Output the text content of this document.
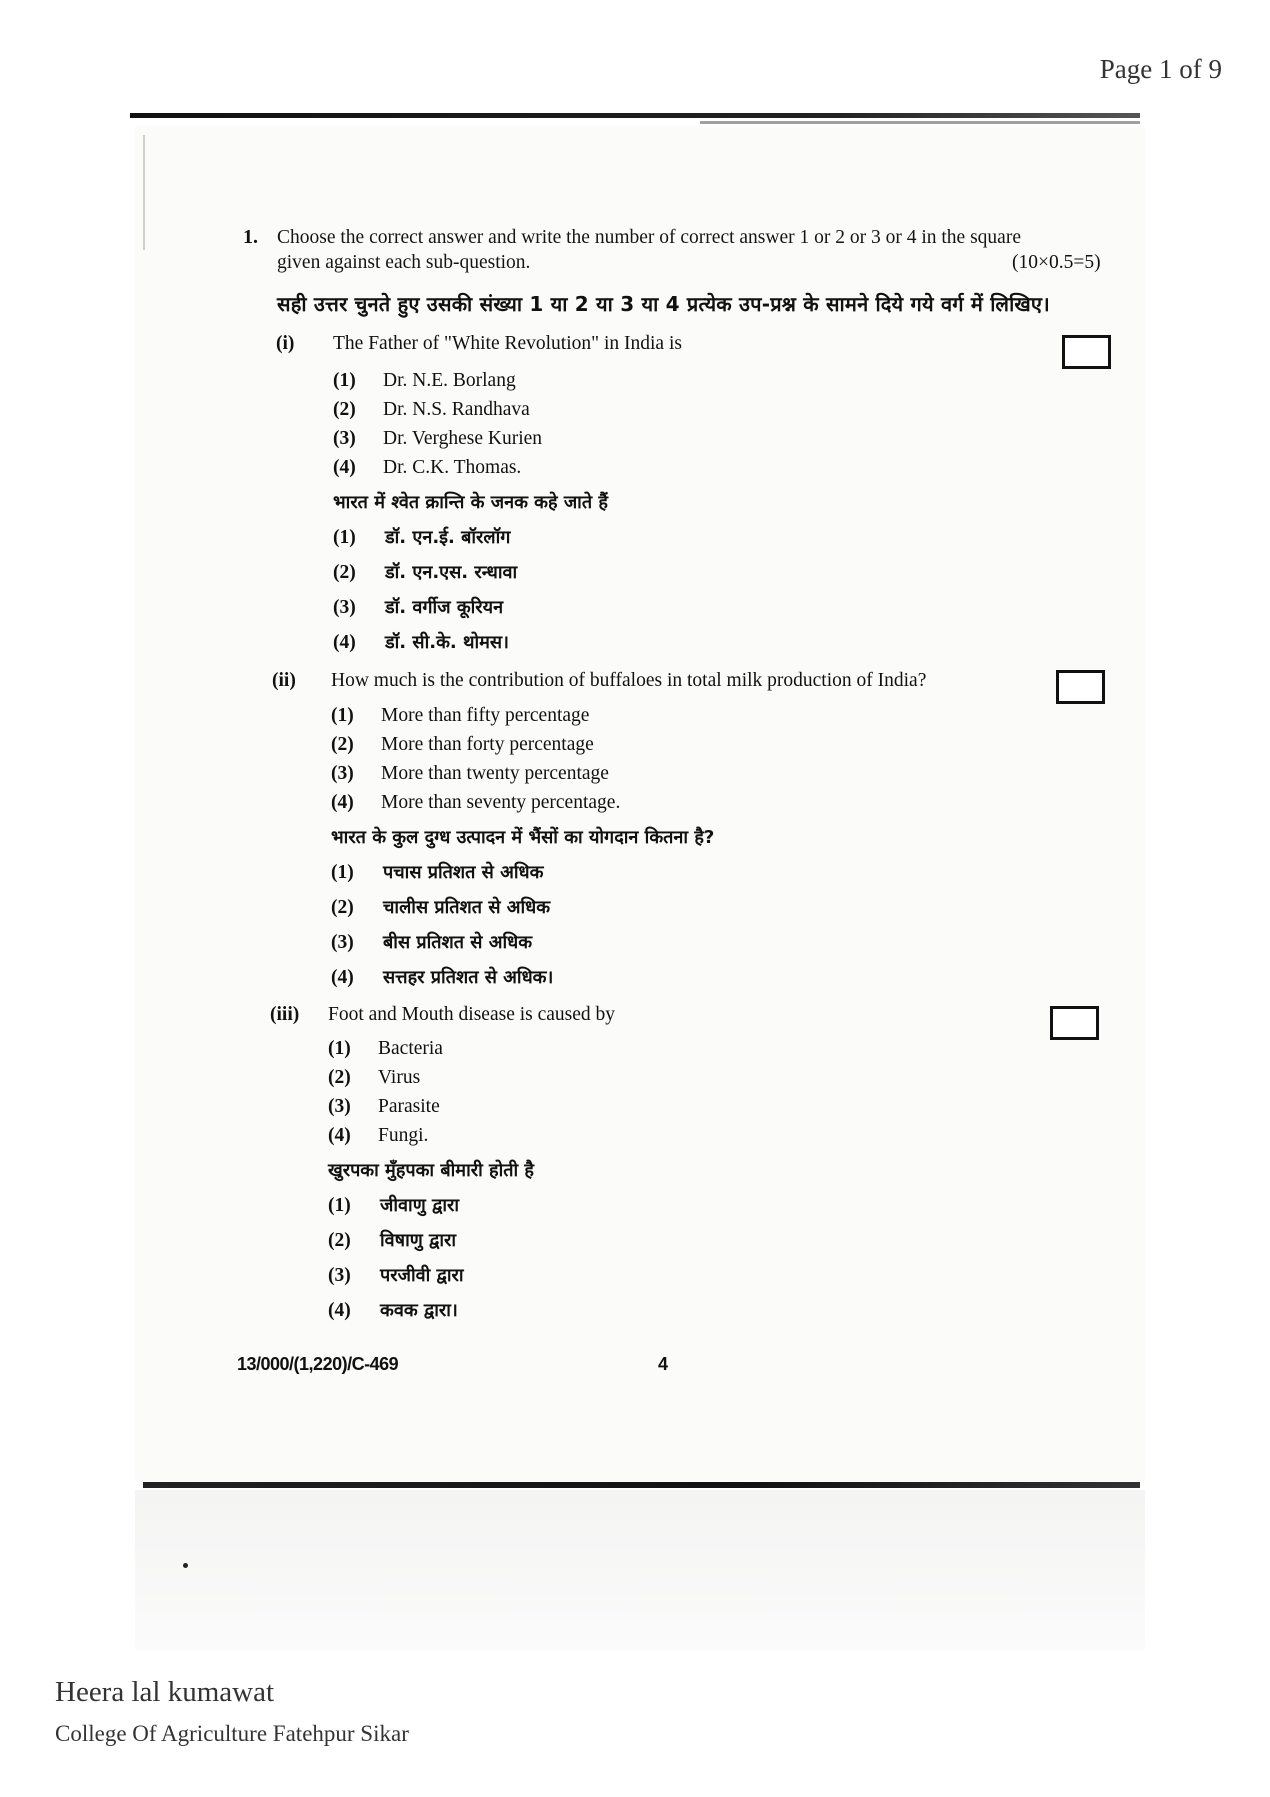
Page 1 of 9
1. Choose the correct answer and write the number of correct answer 1 or 2 or 3 or 4 in the square
given against each sub-question.	(10×0.5=5)
सही उत्तर चुनते हुए उसकी संख्या 1 या 2 या 3 या 4 प्रत्येक उप-प्रश्न के सामने दिये गये वर्ग में लिखिए।
(i) The Father of "White Revolution" in India is
(1) Dr. N.E. Borlang
(2) Dr. N.S. Randhava
(3) Dr. Verghese Kurien
(4) Dr. C.K. Thomas.
भारत में श्वेत क्रान्ति के जनक कहे जाते हैं
(1) डॉ. एन.ई. बॉरलॉग
(2) डॉ. एन.एस. रन्धावा
(3) डॉ. वर्गीज कूरियन
(4) डॉ. सी.के. थोमस।
(ii) How much is the contribution of buffaloes in total milk production of India?
(1) More than fifty percentage
(2) More than forty percentage
(3) More than twenty percentage
(4) More than seventy percentage.
भारत के कुल दुग्ध उत्पादन में भैंसों का योगदान कितना है?
(1) पचास प्रतिशत से अधिक
(2) चालीस प्रतिशत से अधिक
(3) बीस प्रतिशत से अधिक
(4) सत्तहर प्रतिशत से अधिक।
(iii) Foot and Mouth disease is caused by
(1) Bacteria
(2) Virus
(3) Parasite
(4) Fungi.
खुरपका मुँहपका बीमारी होती है
(1) जीवाणु द्वारा
(2) विषाणु द्वारा
(3) परजीवी द्वारा
(4) कवक द्वारा।
13/000/(1,220)/C-469	4
Heera lal kumawat
College Of Agriculture Fatehpur Sikar
